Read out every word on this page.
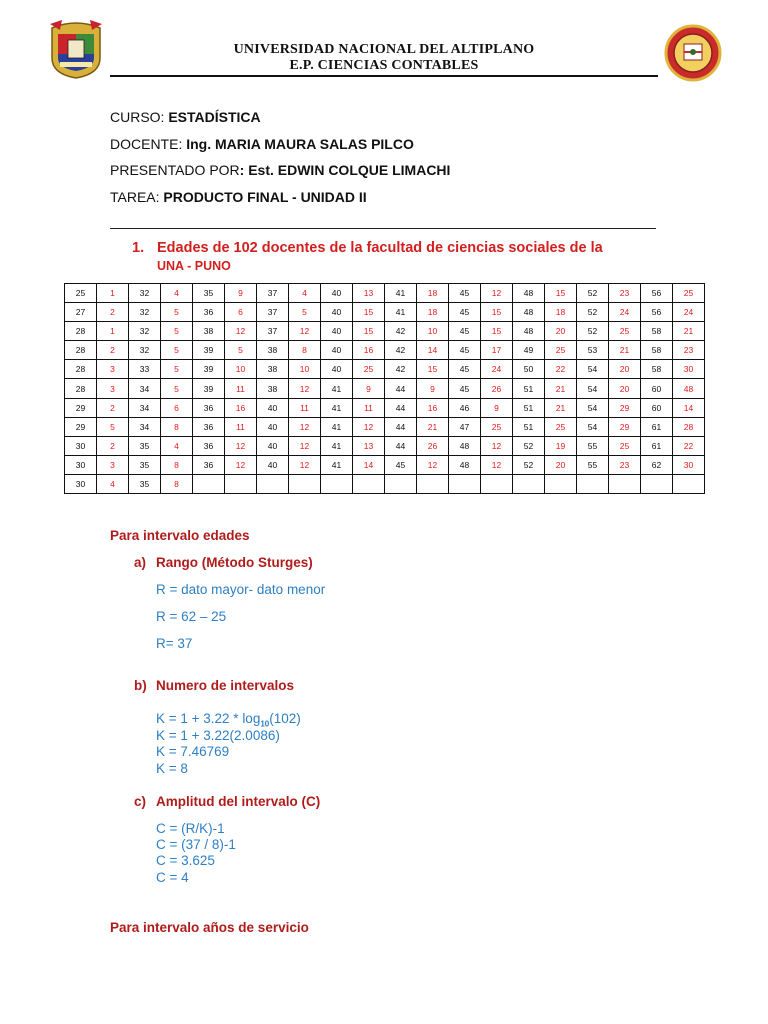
UNIVERSIDAD NACIONAL DEL ALTIPLANO
E.P. CIENCIAS CONTABLES
CURSO: ESTADÍSTICA
DOCENTE: Ing. MARIA MAURA SALAS PILCO
PRESENTADO POR: Est. EDWIN COLQUE LIMACHI
TAREA: PRODUCTO FINAL - UNIDAD II
1. Edades de 102 docentes de la facultad de ciencias sociales de la
UNA - PUNO
25	1	32	4	35	9	37	4	40	13	41	18	45	12	48	15	52	23	56	25
27	2	32	5	36	6	37	5	40	15	41	18	45	15	48	18	52	24	56	24
28	1	32	5	38	12	37	12	40	15	42	10	45	15	48	20	52	25	58	21
28	2	32	5	39	5	38	8	40	16	42	14	45	17	49	25	53	21	58	23
28	3	33	5	39	10	38	10	40	25	42	15	45	24	50	22	54	20	58	30
28	3	34	5	39	11	38	12	41	9	44	9	45	26	51	21	54	20	60	48
29	2	34	6	36	16	40	11	41	11	44	16	46	9	51	21	54	29	60	14
29	5	34	8	36	11	40	12	41	12	44	21	47	25	51	25	54	29	61	28
30	2	35	4	36	12	40	12	41	13	44	26	48	12	52	19	55	25	61	22
30	3	35	8	36	12	40	12	41	14	45	12	48	12	52	20	55	23	62	30
30	4	35	8																
Para intervalo edades
a) Rango (Método Sturges)
R = dato mayor- dato menor
R = 62 – 25
R= 37
b) Numero de intervalos
$K = 1 + 3.22 * \log_{10}(102)$
K = 1 + 3.22(2.0086)
K = 7.46769
K = 8
c) Amplitud del intervalo (C)
C = (R/K)-1
C = (37 / 8)-1
C = 3.625
C = 4
Para intervalo años de servicio
